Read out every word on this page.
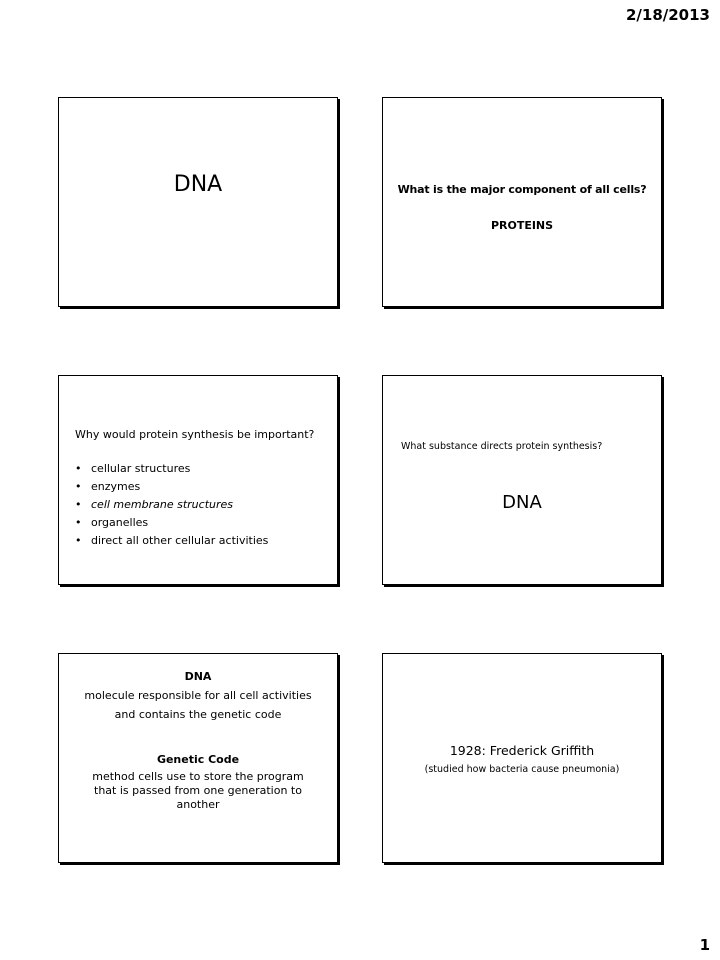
2/18/2013
DNA	What is the major component of all cells?
PROTEINS
Why would protein synthesis be important?
• cellular structures
• enzymes
• cell membrane structures
• organelles
• direct all other cellular activities
What substance directs protein synthesis?
DNA
DNA
molecule responsible for all cell activities
and contains the genetic code
Genetic Code
method cells use to store the program that is passed from one generation to another
1928: Frederick Griffith
(studied how bacteria cause pneumonia)
1
